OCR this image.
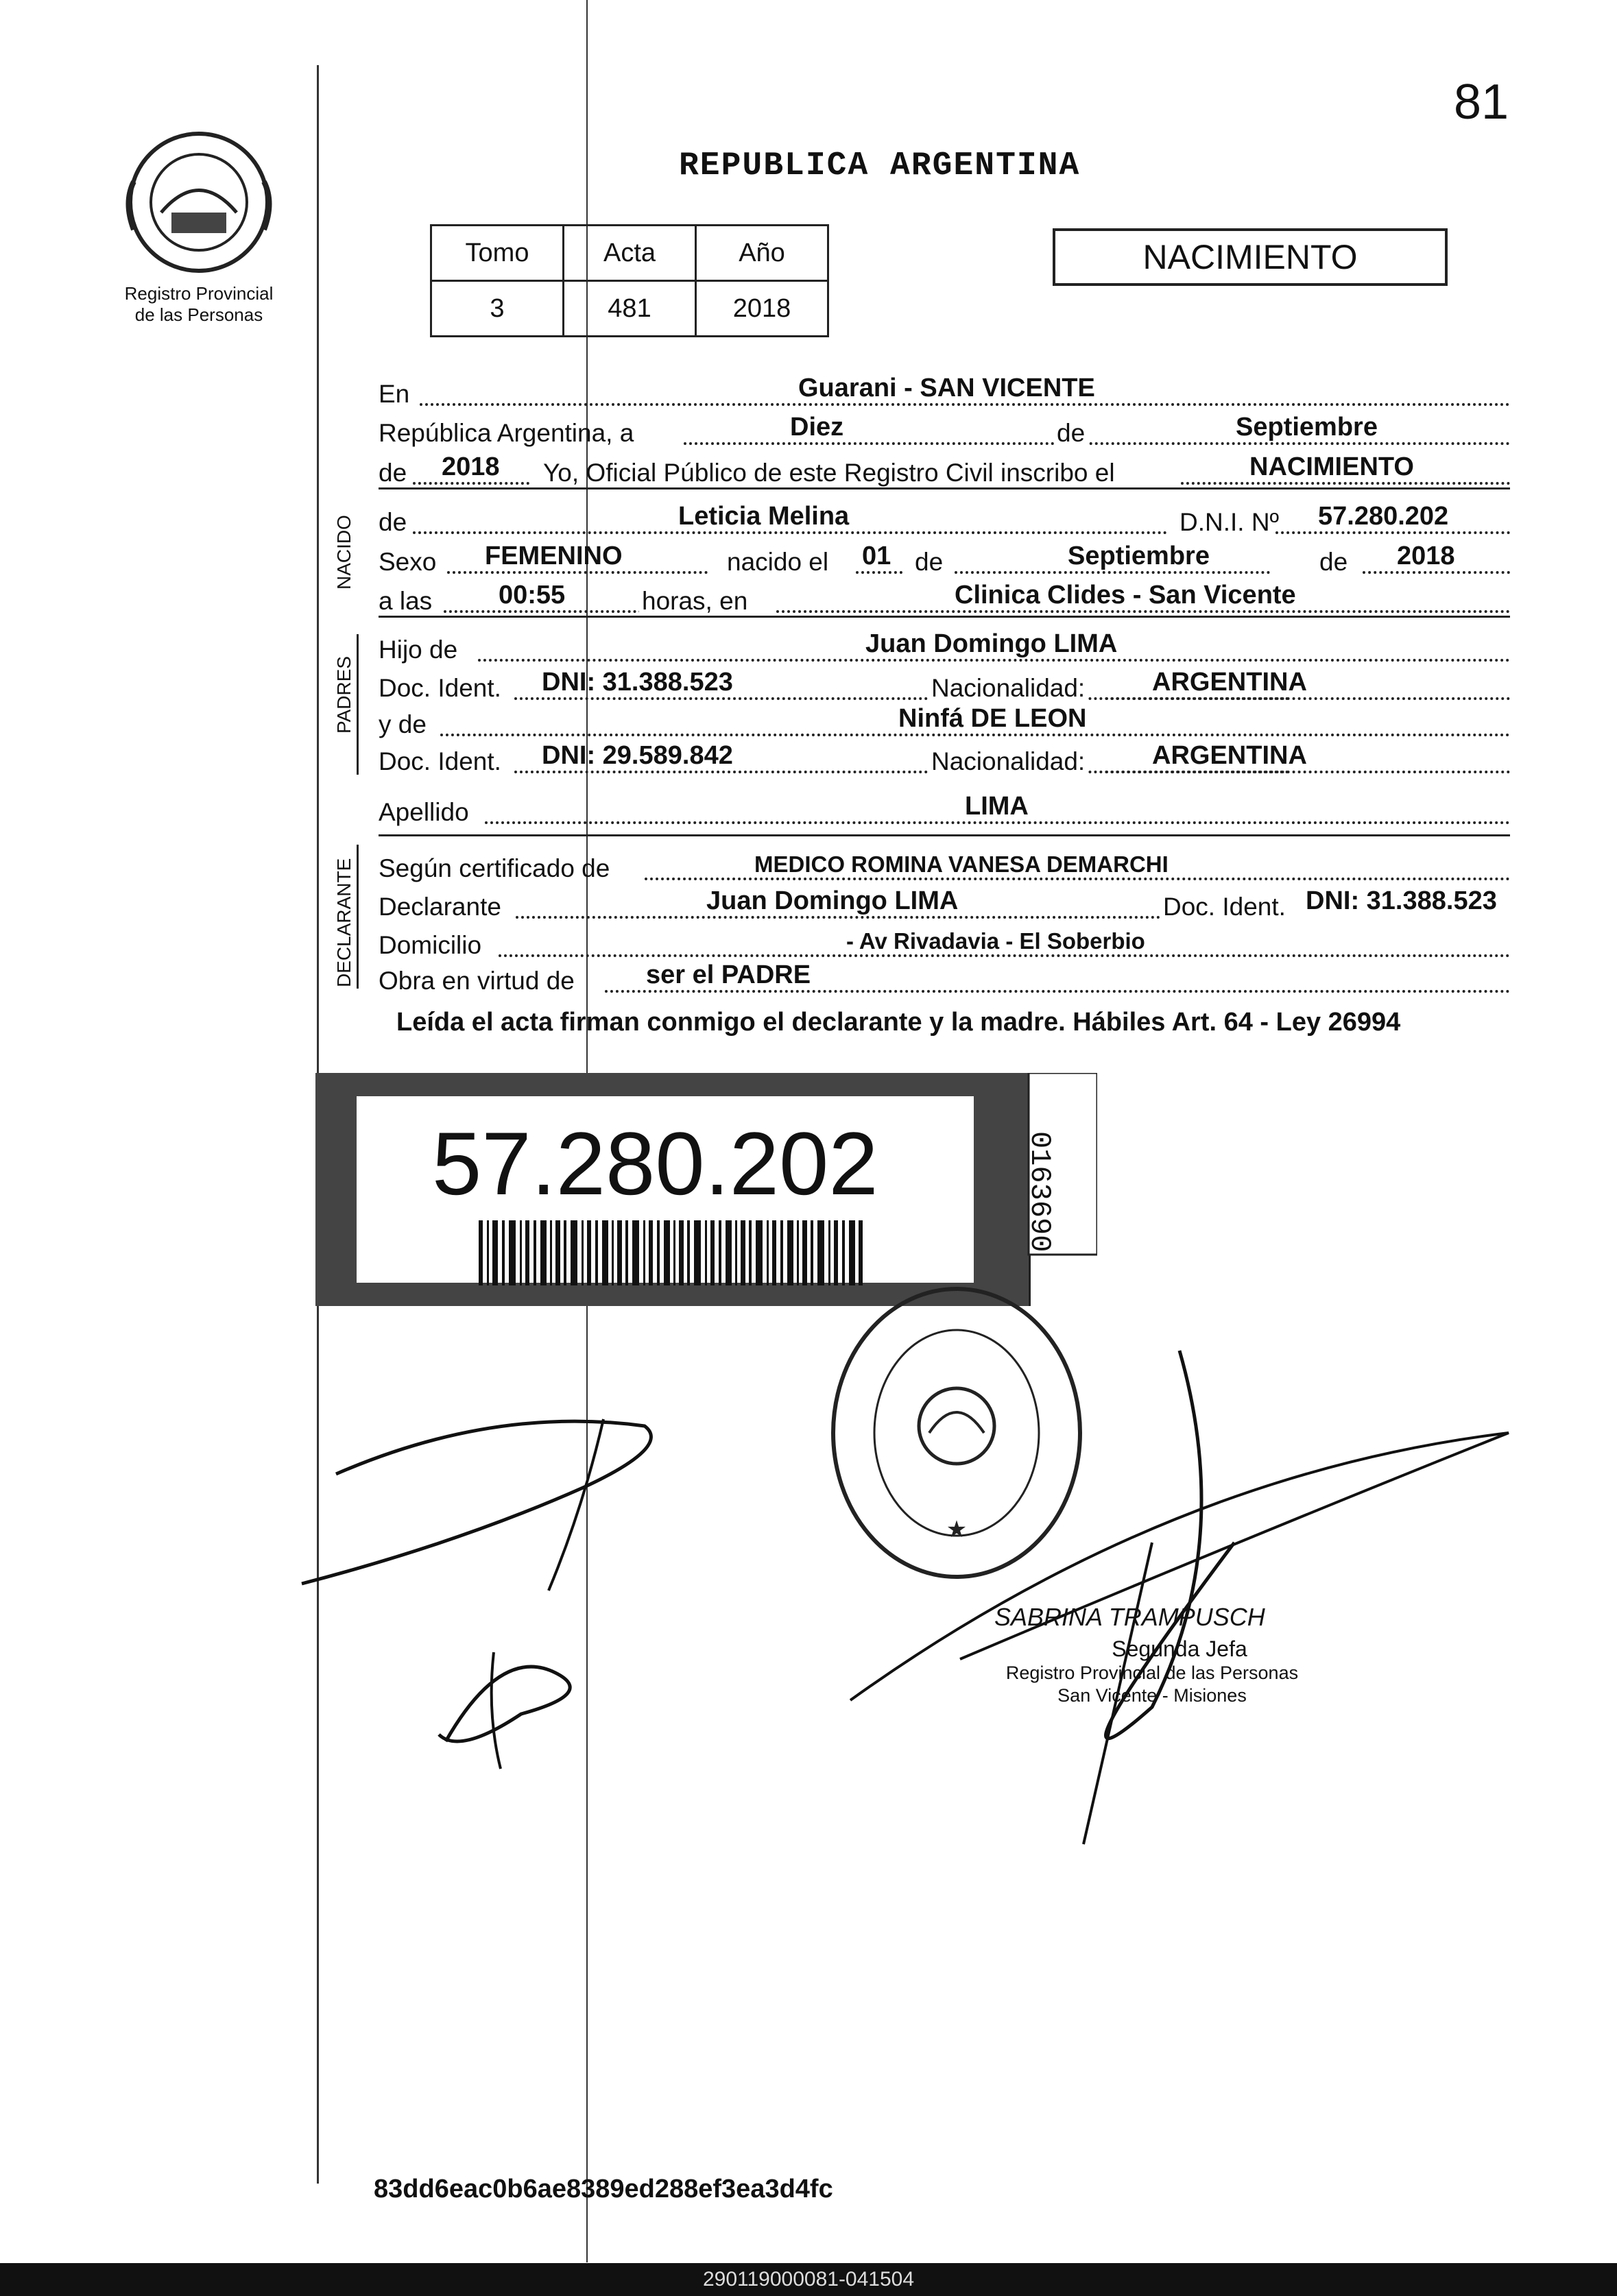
81
Registro Provincial
de las Personas
REPUBLICA ARGENTINA
Tomo	Acta	Año
3	481	2018
NACIMIENTO
En	Guarani - SAN VICENTE
República Argentina, a	Diez	de	Septiembre
de 2018 Yo, Oficial Público de este Registro Civil inscribo el	NACIMIENTO
NACIDO de	Leticia Melina	D.N.I. Nº 57.280.202
Sexo FEMENINO	nacido el 01 de	Septiembre	de 2018
a las	00:55	horas, en	Clinica Clides - San Vicente
PADRES
Hijo de	Juan Domingo LIMA
Doc. Ident. DNI: 31.388.523	Nacionalidad:	ARGENTINA
y de	Ninfá DE LEON
Doc. Ident. DNI: 29.589.842	Nacionalidad:	ARGENTINA
Apellido	LIMA
DECLARANTE Según certificado de	MEDICO ROMINA VANESA DEMARCHI
Declarante	Juan Domingo LIMA	Doc. Ident. DNI: 31.388.523
Domicilio	- Av Rivadavia - El Soberbio
Obra en virtud de	ser el PADRE
Leída el acta firman conmigo el declarante y la madre. Hábiles Art. 64 - Ley 26994
57.280.202	0163690
★
SABRINA TRAMPUSCH
Segunda Jefa
Registro Provincial de las Personas
San Vicente - Misiones
83dd6eac0b6ae8389ed288ef3ea3d4fc
290119000081-041504
